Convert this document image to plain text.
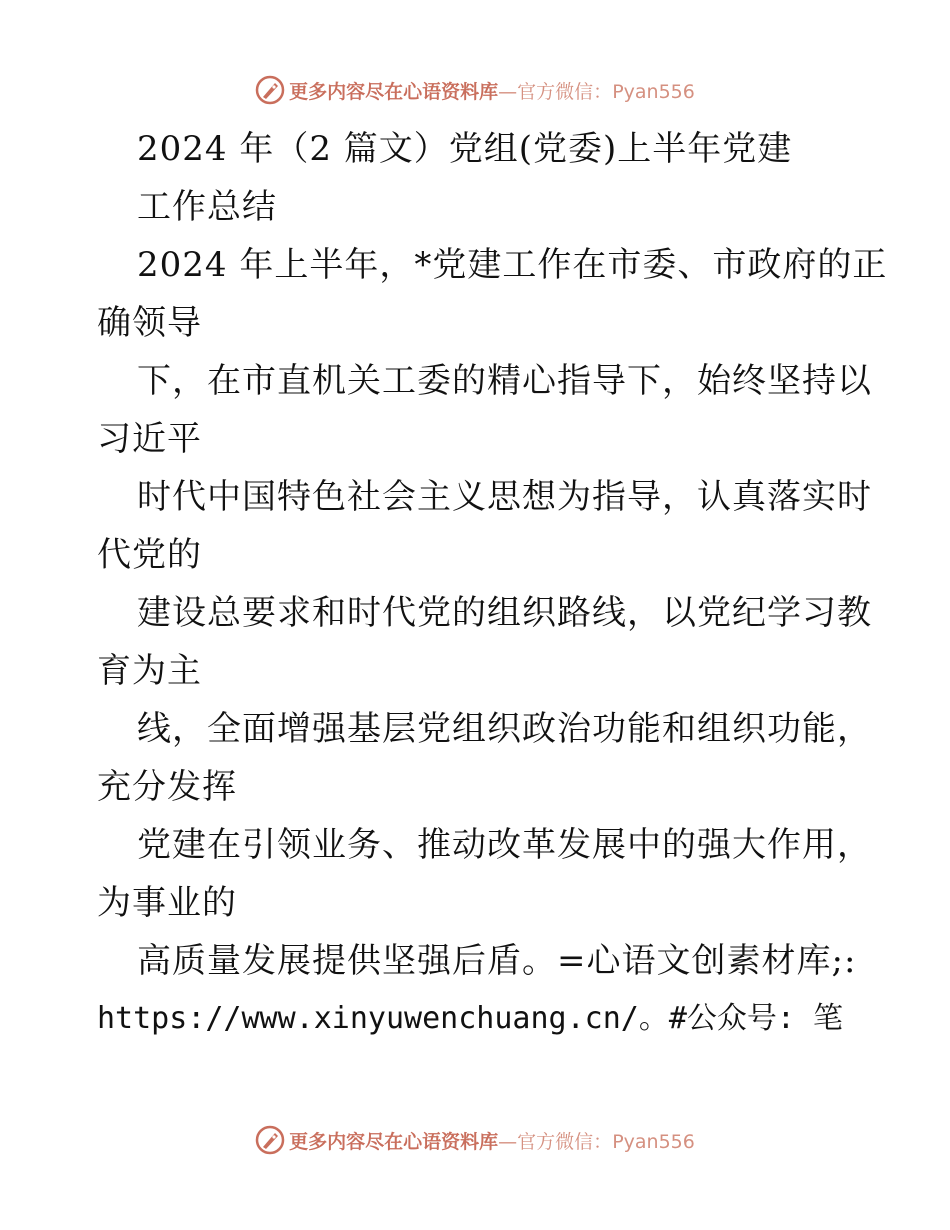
更多内容尽在心语资料库—官方微信：Pyan556
2024 年（2 篇文）党组(党委)上半年党建
工作总结
2024 年上半年，*党建工作在市委、市政府的正
确领导
下，在市直机关工委的精心指导下，始终坚持以
习近平
时代中国特色社会主义思想为指导，认真落实时
代党的
建设总要求和时代党的组织路线，以党纪学习教
育为主
线，全面增强基层党组织政治功能和组织功能，
充分发挥
党建在引领业务、推动改革发展中的强大作用，
为事业的
高质量发展提供坚强后盾。=心语文创素材库;:
https://www.xinyuwenchuang.cn/。#公众号: 笔
更多内容尽在心语资料库—官方微信：Pyan556
